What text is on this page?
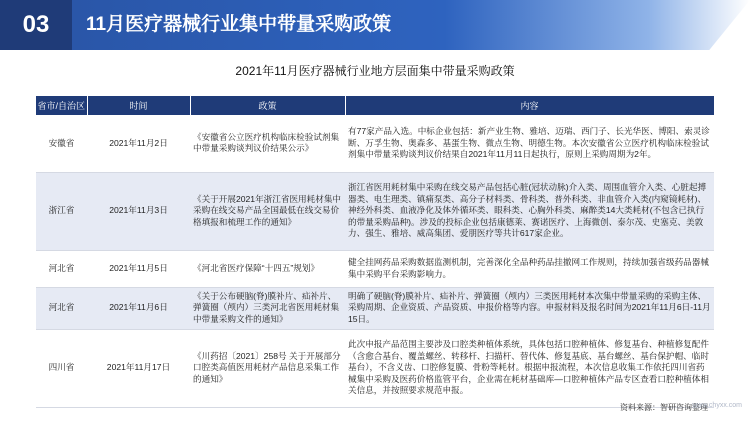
03	11月医疗器械行业集中带量采购政策
2021年11月医疗器械行业地方层面集中带量采购政策
省市/自治区	时间	政策	内容
安徽省	2021年11月2日	《安徽省公立医疗机构临床检验试剂集中带量采购谈判议价结果公示》	有77家产品入选。中标企业包括：新产业生物、雅培、迈瑞、西门子、长光华医、博阳、索灵诊断、万孚生物、奥森多、基蛋生物、微点生物、明德生物。本次安徽省公立医疗机构临床检验试剂集中带量采购谈判议价结果自2021年11月11日起执行，原则上采购周期为2年。
浙江省	2021年11月3日	《关于开展2021年浙江省医用耗材集中采购在线交易产品全国最低在线交易价格填报和梳理工作的通知》	浙江省医用耗材集中采购在线交易产品包括心脏(冠状动脉)介入类、周围血管介入类、心脏起搏器类、电生理类、镇痛泵类、高分子材料类、骨科类、普外科类、非血管介入类(内窥镜耗材)、神经外科类、血液净化及体外循环类、眼科类、心胸外科类、麻醉类14大类耗材(不包含已执行的带量采购品种)。涉及的投标企业包括康德莱、赛诺医疗、上海微创、泰尔茂、史塞克、美敦力、强生、雅培、威高集团、爱朋医疗等共计617家企业。
河北省	2021年11月5日	《河北省医疗保障“十四五”规划》	健全挂网药品采购数据监测机制，完善深化全品种药品挂撤网工作规则，持续加强省级药品器械集中采购平台采购影响力。
河北省	2021年11月6日	《关于公布硬脑(脊)膜补片、疝补片、弹簧圈（颅内）三类河北省医用耗材集中带量采购文件的通知》	明确了硬脑(脊)膜补片、疝补片、弹簧圈（颅内）三类医用耗材本次集中带量采购的采购主体、采购周期、企业资质、产品资质、申报价格等内容。申报材料及报名时间为2021年11月6日-11月15日。
四川省	2021年11月17日	《川药招〔2021〕258号 关于开展部分口腔类高值医用耗材产品信息采集工作的通知》	此次申报产品范围主要涉及口腔类种植体系统，具体包括口腔种植体、修复基台、种植修复配件（含愈合基台、覆盖螺丝、转移杆、扫描杆、替代体、修复基底、基台螺丝、基台保护帽、临时基台），不含义齿、口腔修复膜、骨粉等耗材。根据申报流程，本次信息收集工作依托四川省药械集中采购及医药价格监管平台，企业需在耗材基础库—口腔种植体产品专区查看口腔种植体相关信息，并按照要求规范申报。
资料来源：智研咨询整理
www.chyxx.com
